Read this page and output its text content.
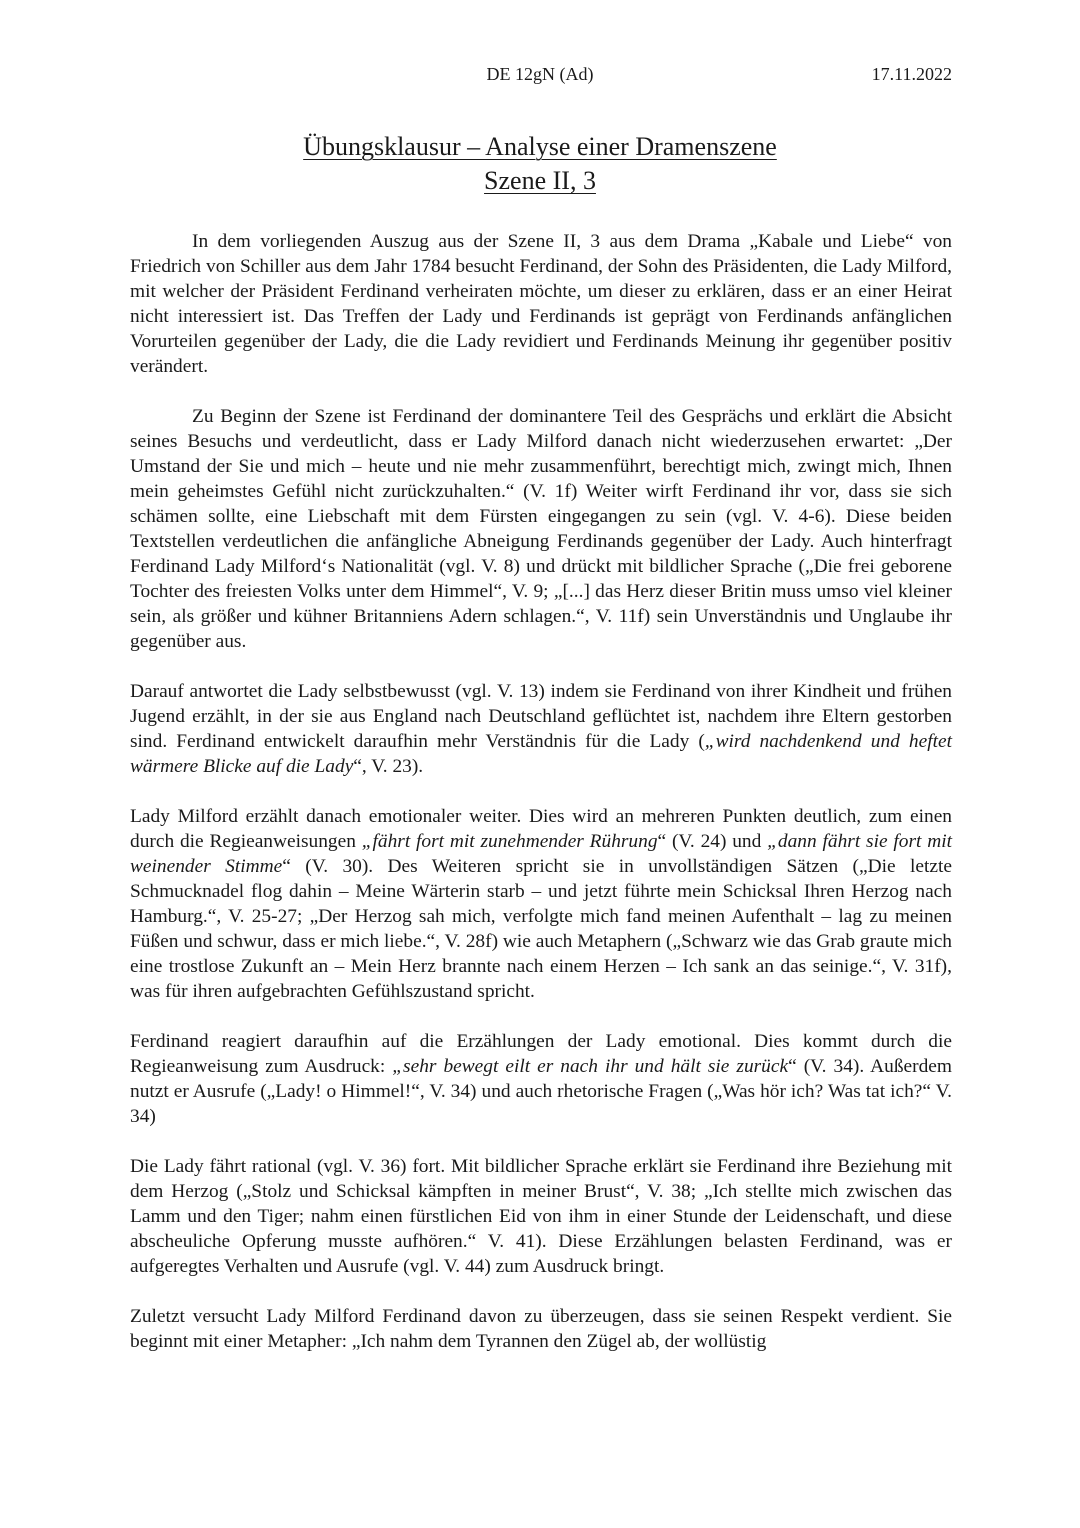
DE 12gN (Ad)	17.11.2022
Übungsklausur – Analyse einer Dramenszene
Szene II, 3

In dem vorliegenden Auszug aus der Szene II, 3 aus dem Drama „Kabale und Liebe“ von Friedrich von Schiller aus dem Jahr 1784 besucht Ferdinand, der Sohn des Präsidenten, die Lady Milford, mit welcher der Präsident Ferdinand verheiraten möchte, um dieser zu erklären, dass er an einer Heirat nicht interessiert ist. Das Treffen der Lady und Ferdinands ist geprägt von Ferdinands anfänglichen Vorurteilen gegenüber der Lady, die die Lady revidiert und Ferdinands Meinung ihr gegenüber positiv verändert.

Zu Beginn der Szene ist Ferdinand der dominantere Teil des Gesprächs und erklärt die Absicht seines Besuchs und verdeutlicht, dass er Lady Milford danach nicht wiederzusehen erwartet: „Der Umstand der Sie und mich – heute und nie mehr zusammenführt, berechtigt mich, zwingt mich, Ihnen mein geheimstes Gefühl nicht zurückzuhalten.“ (V. 1f) Weiter wirft Ferdinand ihr vor, dass sie sich schämen sollte, eine Liebschaft mit dem Fürsten eingegangen zu sein (vgl. V. 4-6). Diese beiden Textstellen verdeutlichen die anfängliche Abneigung Ferdinands gegenüber der Lady. Auch hinterfragt Ferdinand Lady Milford‘s Nationalität (vgl. V. 8) und drückt mit bildlicher Sprache („Die frei geborene Tochter des freiesten Volks unter dem Himmel“, V. 9; „[...] das Herz dieser Britin muss umso viel kleiner sein, als größer und kühner Britanniens Adern schlagen.“, V. 11f) sein Unverständnis und Unglaube ihr gegenüber aus.

Darauf antwortet die Lady selbstbewusst (vgl. V. 13) indem sie Ferdinand von ihrer Kindheit und frühen Jugend erzählt, in der sie aus England nach Deutschland geflüchtet ist, nachdem ihre Eltern gestorben sind. Ferdinand entwickelt daraufhin mehr Verständnis für die Lady („wird nachdenkend und heftet wärmere Blicke auf die Lady“, V. 23).

Lady Milford erzählt danach emotionaler weiter. Dies wird an mehreren Punkten deutlich, zum einen durch die Regieanweisungen „fährt fort mit zunehmender Rührung“ (V. 24) und „dann fährt sie fort mit weinender Stimme“ (V. 30). Des Weiteren spricht sie in unvollständigen Sätzen („Die letzte Schmucknadel flog dahin – Meine Wärterin starb – und jetzt führte mein Schicksal Ihren Herzog nach Hamburg.“, V. 25-27; „Der Herzog sah mich, verfolgte mich fand meinen Aufenthalt – lag zu meinen Füßen und schwur, dass er mich liebe.“, V. 28f) wie auch Metaphern („Schwarz wie das Grab graute mich eine trostlose Zukunft an – Mein Herz brannte nach einem Herzen – Ich sank an das seinige.“, V. 31f), was für ihren aufgebrachten Gefühlszustand spricht.

Ferdinand reagiert daraufhin auf die Erzählungen der Lady emotional. Dies kommt durch die Regieanweisung zum Ausdruck: „sehr bewegt eilt er nach ihr und hält sie zurück“ (V. 34). Außerdem nutzt er Ausrufe („Lady! o Himmel!“, V. 34) und auch rhetorische Fragen („Was hör ich? Was tat ich?“ V. 34)

Die Lady fährt rational (vgl. V. 36) fort. Mit bildlicher Sprache erklärt sie Ferdinand ihre Beziehung mit dem Herzog („Stolz und Schicksal kämpften in meiner Brust“, V. 38; „Ich stellte mich zwischen das Lamm und den Tiger; nahm einen fürstlichen Eid von ihm in einer Stunde der Leidenschaft, und diese abscheuliche Opferung musste aufhören.“ V. 41). Diese Erzählungen belasten Ferdinand, was er aufgeregtes Verhalten und Ausrufe (vgl. V. 44) zum Ausdruck bringt.

Zuletzt versucht Lady Milford Ferdinand davon zu überzeugen, dass sie seinen Respekt verdient. Sie beginnt mit einer Metapher: „Ich nahm dem Tyrannen den Zügel ab, der wollüstig
